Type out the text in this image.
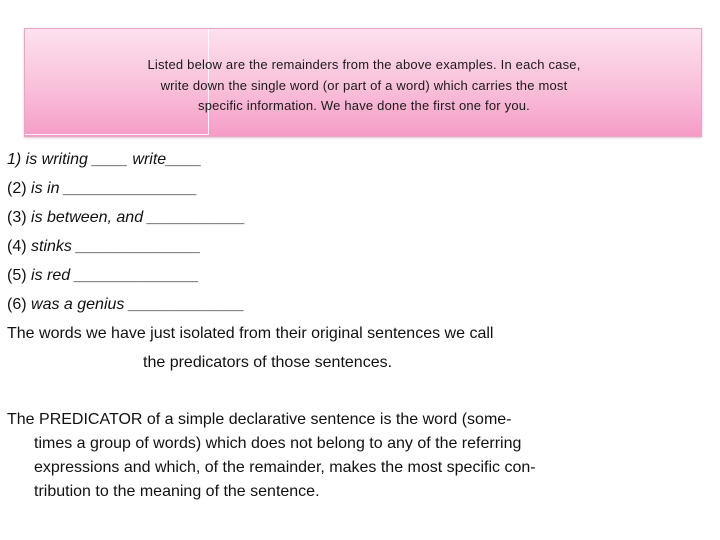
Listed below are the remainders from the above examples. In each case,
write down the single word (or part of a word) which carries the most
specific information. We have done the first one for you.

1) is writing ____ write____

(2) is in _______________

(3) is between, and ___________

(4) stinks ______________

(5) is red ______________

(6) was a genius _____________

The words we have just isolated from their original sentences we call

the predicators of those sentences.

The PREDICATOR of a simple declarative sentence is the word (some-

times a group of words) which does not belong to any of the referring

expressions and which, of the remainder, makes the most specific con-

tribution to the meaning of the sentence.
